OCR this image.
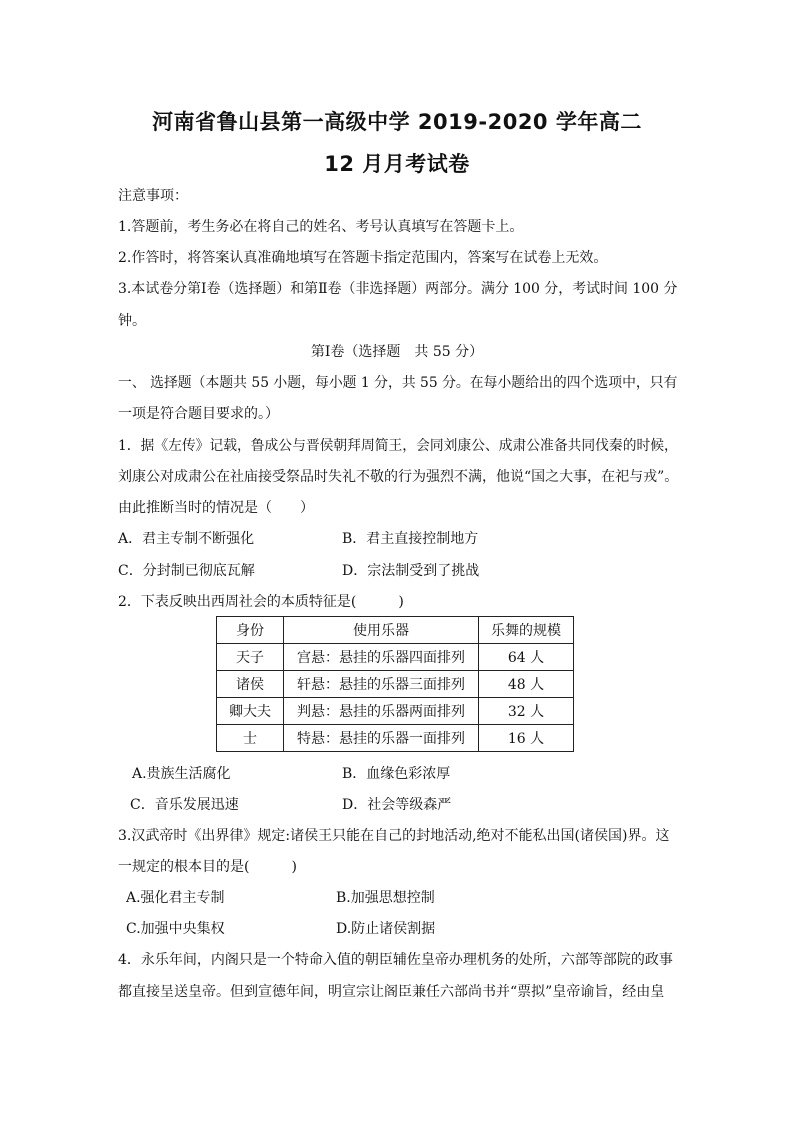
河南省鲁山县第一高级中学 2019-2020 学年高二
12 月月考试卷
注意事项：
1.答题前，考生务必在将自己的姓名、考号认真填写在答题卡上。
2.作答时，将答案认真准确地填写在答题卡指定范围内，答案写在试卷上无效。
3.本试卷分第Ⅰ卷（选择题）和第Ⅱ卷（非选择题）两部分。满分 100 分，考试时间 100 分
钟。
第Ⅰ卷（选择题　共 55 分）
一、 选择题（本题共 55 小题，每小题 1 分，共 55 分。在每小题给出的四个选项中，只有
一项是符合题目要求的。）
1．据《左传》记载，鲁成公与晋侯朝拜周简王，会同刘康公、成肃公准备共同伐秦的时候，
刘康公对成肃公在社庙接受祭品时失礼不敬的行为强烈不满，他说“国之大事，在祀与戎”。
由此推断当时的情况是（　　）
A．君主专制不断强化	B．君主直接控制地方
C．分封制已彻底瓦解	D．宗法制受到了挑战
2．下表反映出西周社会的本质特征是(　　　)
身份	使用乐器	乐舞的规模
天子	宫悬：悬挂的乐器四面排列	64 人
诸侯	轩悬：悬挂的乐器三面排列	48 人
卿大夫	判悬：悬挂的乐器两面排列	32 人
士	特悬：悬挂的乐器一面排列	16 人
A.贵族生活腐化	B．血缘色彩浓厚
C．音乐发展迅速	D．社会等级森严
3.汉武帝时《出界律》规定:诸侯王只能在自己的封地活动,绝对不能私出国(诸侯国)界。这
一规定的根本目的是(　　　)
A.强化君主专制	B.加强思想控制
C.加强中央集权	D.防止诸侯割据
4．永乐年间，内阁只是一个特命入值的朝臣辅佐皇帝办理机务的处所，六部等部院的政事
都直接呈送皇帝。但到宣德年间，明宣宗让阁臣兼任六部尚书并“票拟”皇帝谕旨，经由皇
